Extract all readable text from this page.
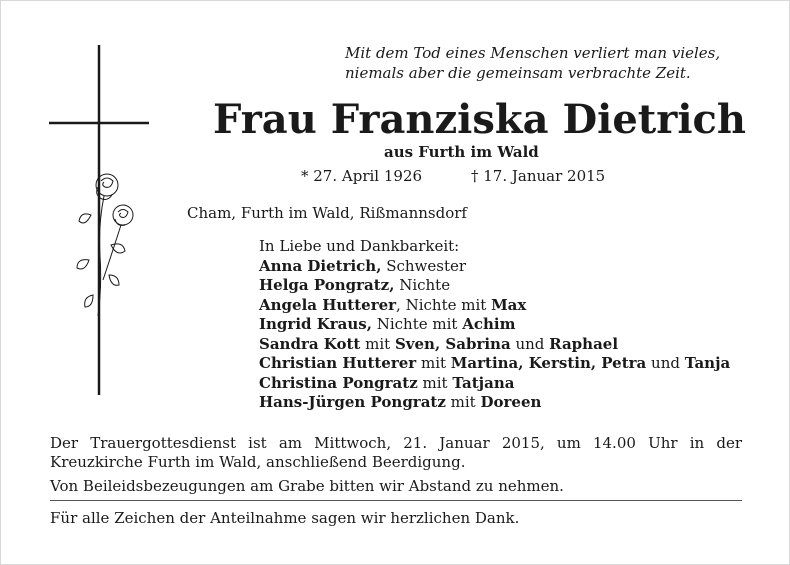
Mit dem Tod eines Menschen verliert man vieles,
niemals aber die gemeinsam verbrachte Zeit.
Frau Franziska Dietrich
aus Furth im Wald
* 27. April 1926	† 17. Januar 2015
Cham, Furth im Wald, Rißmannsdorf
In Liebe und Dankbarkeit:
Anna Dietrich, Schwester
Helga Pongratz, Nichte
Angela Hutterer, Nichte mit Max
Ingrid Kraus, Nichte mit Achim
Sandra Kott mit Sven, Sabrina und Raphael
Christian Hutterer mit Martina, Kerstin, Petra und Tanja
Christina Pongratz mit Tatjana
Hans-Jürgen Pongratz mit Doreen
Der Trauergottesdienst ist am Mittwoch, 21. Januar 2015, um 14.00 Uhr in der Kreuzkirche Furth im Wald, anschließend Beerdigung.
Von Beileidsbezeugungen am Grabe bitten wir Abstand zu nehmen.
Für alle Zeichen der Anteilnahme sagen wir herzlichen Dank.
